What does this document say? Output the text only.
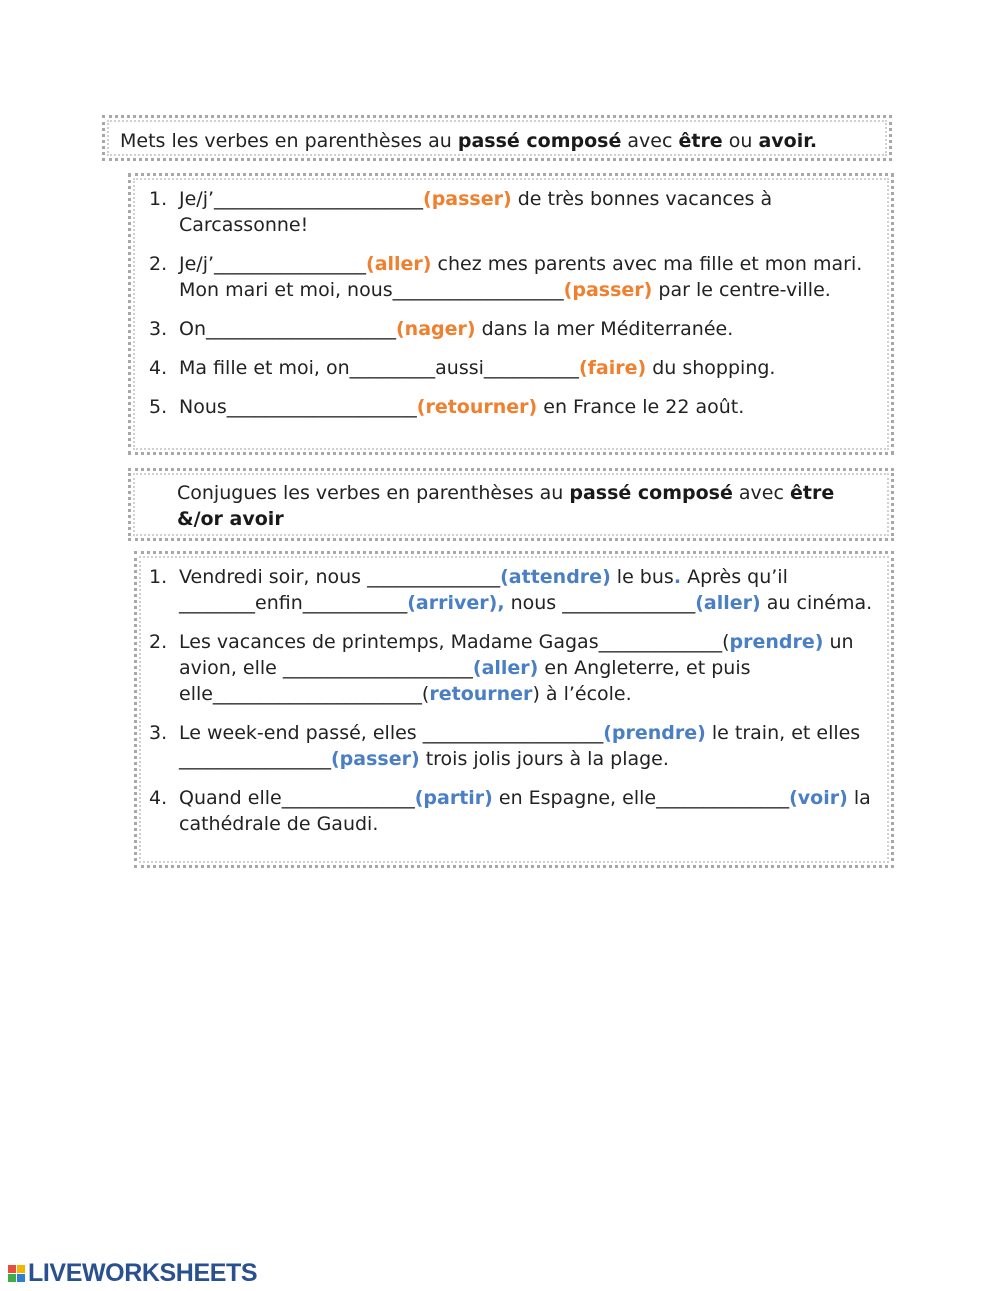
Mets les verbes en parenthèses au passé composé avec être ou avoir.
1. Je/j’______________________(passer) de très bonnes vacances à Carcassonne!
2. Je/j’________________(aller) chez mes parents avec ma fille et mon mari. Mon mari et moi, nous__________________(passer) par le centre-ville.
3. On____________________(nager) dans la mer Méditerranée.
4. Ma fille et moi, on_________aussi__________(faire) du shopping.
5. Nous____________________(retourner) en France le 22 août.
Conjugues les verbes en parenthèses au passé composé avec être &/or avoir
1. Vendredi soir, nous ______________(attendre) le bus. Après qu’il ________enfin___________(arriver), nous ______________(aller) au cinéma.
2. Les vacances de printemps, Madame Gagas_____________(prendre) un avion, elle ____________________(aller) en Angleterre, et puis elle______________________(retourner) à l’école.
3. Le week-end passé, elles ___________________(prendre) le train, et elles ________________(passer) trois jolis jours à la plage.
4. Quand elle______________(partir) en Espagne, elle______________(voir) la cathédrale de Gaudi.
LIVEWORKSHEETS
